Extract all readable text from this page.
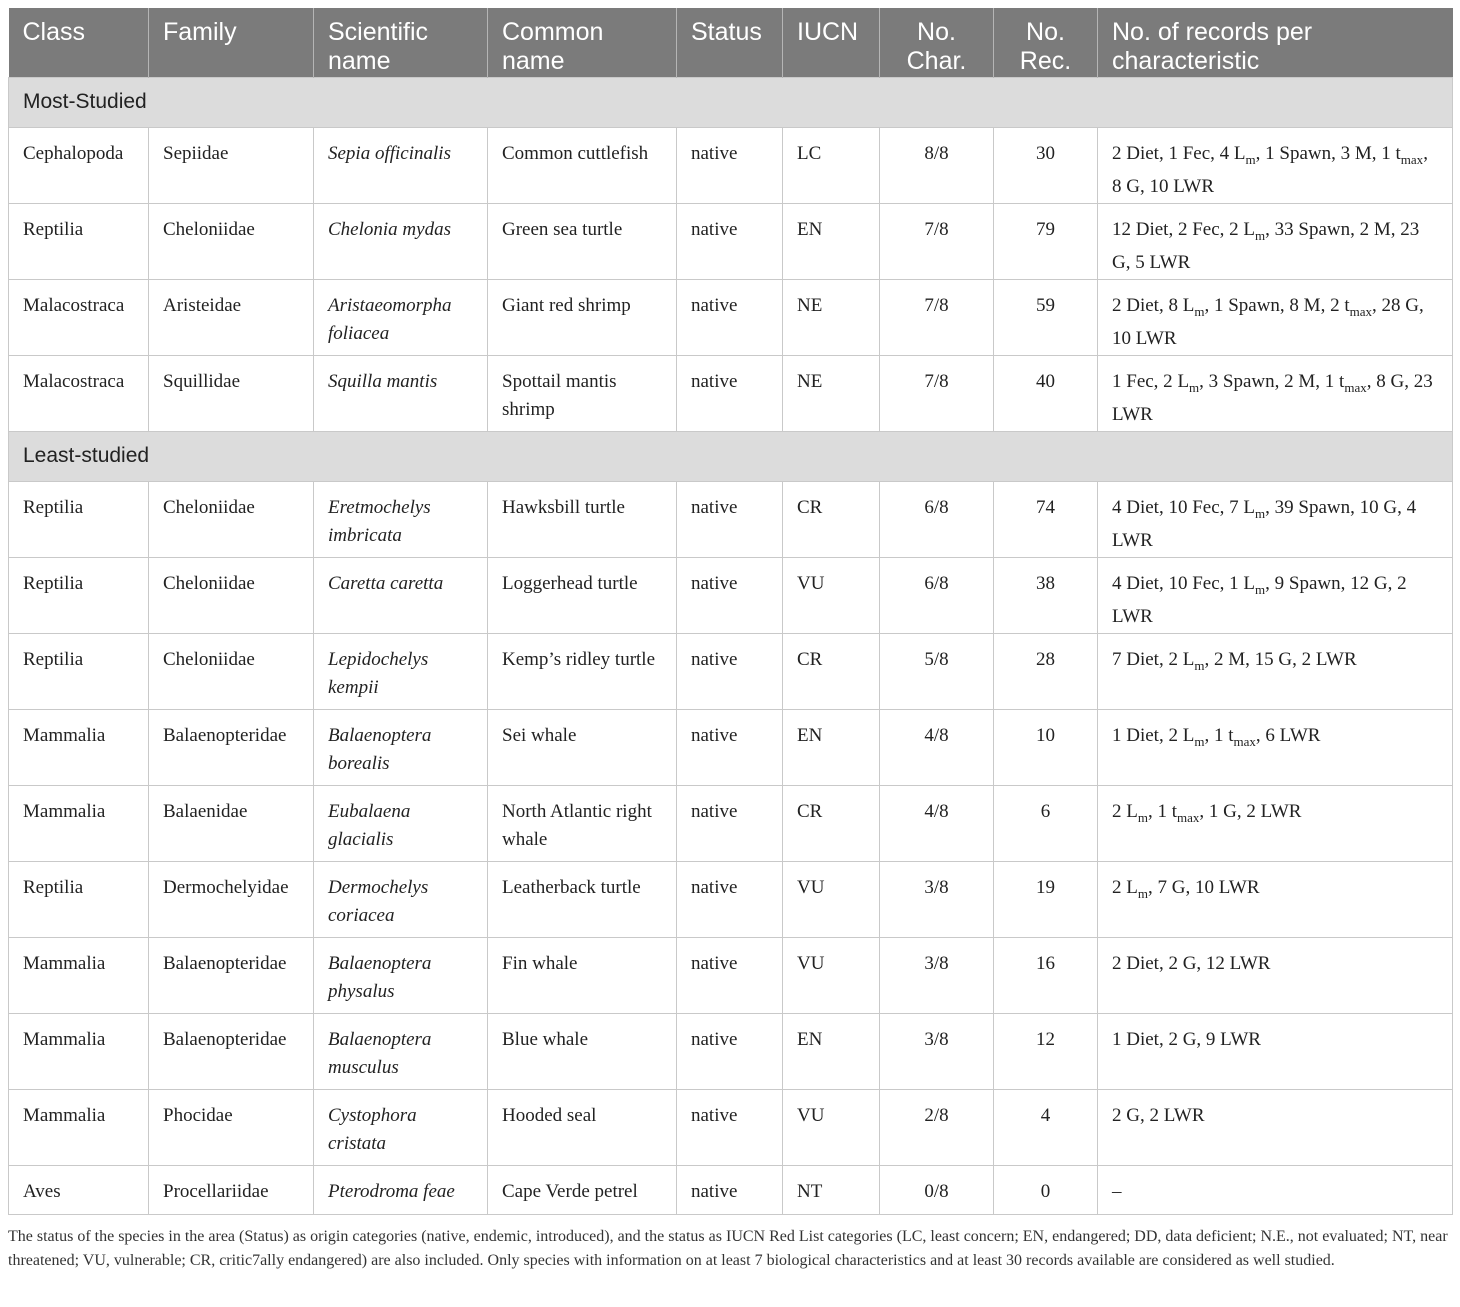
Class	Family	Scientific name	Common name	Status	IUCN	No. Char.	No. Rec.	No. of records per characteristic
Most-Studied								
Cephalopoda	Sepiidae	Sepia officinalis	Common cuttlefish	native	LC	8/8	30	2 Diet, 1 Fec, 4 $L_m$, 1 Spawn, 3 M, 1 $t_{max}$, 8 G, 10 LWR
Reptilia	Cheloniidae	Chelonia mydas	Green sea turtle	native	EN	7/8	79	12 Diet, 2 Fec, 2 $L_m$, 33 Spawn, 2 M, 23 G, 5 LWR
Malacostraca	Aristeidae	Aristaeomorpha foliacea	Giant red shrimp	native	NE	7/8	59	2 Diet, 8 $L_m$, 1 Spawn, 8 M, 2 $t_{max}$, 28 G, 10 LWR
Malacostraca	Squillidae	Squilla mantis	Spottail mantis shrimp	native	NE	7/8	40	1 Fec, 2 $L_m$, 3 Spawn, 2 M, 1 $t_{max}$, 8 G, 23 LWR
Least-studied								
Reptilia	Cheloniidae	Eretmochelys imbricata	Hawksbill turtle	native	CR	6/8	74	4 Diet, 10 Fec, 7 $L_m$, 39 Spawn, 10 G, 4 LWR
Reptilia	Cheloniidae	Caretta caretta	Loggerhead turtle	native	VU	6/8	38	4 Diet, 10 Fec, 1 $L_m$, 9 Spawn, 12 G, 2 LWR
Reptilia	Cheloniidae	Lepidochelys kempii	Kemp’s ridley turtle	native	CR	5/8	28	7 Diet, 2 $L_m$, 2 M, 15 G, 2 LWR
Mammalia	Balaenopteridae	Balaenoptera borealis	Sei whale	native	EN	4/8	10	1 Diet, 2 $L_m$, 1 $t_{max}$, 6 LWR
Mammalia	Balaenidae	Eubalaena glacialis	North Atlantic right whale	native	CR	4/8	6	2 $L_m$, 1 $t_{max}$, 1 G, 2 LWR
Reptilia	Dermochelyidae	Dermochelys coriacea	Leatherback turtle	native	VU	3/8	19	2 $L_m$, 7 G, 10 LWR
Mammalia	Balaenopteridae	Balaenoptera physalus	Fin whale	native	VU	3/8	16	2 Diet, 2 G, 12 LWR
Mammalia	Balaenopteridae	Balaenoptera musculus	Blue whale	native	EN	3/8	12	1 Diet, 2 G, 9 LWR
Mammalia	Phocidae	Cystophora cristata	Hooded seal	native	VU	2/8	4	2 G, 2 LWR
Aves	Procellariidae	Pterodroma feae	Cape Verde petrel	native	NT	0/8	0	–
The status of the species in the area (Status) as origin categories (native, endemic, introduced), and the status as IUCN Red List categories (LC, least concern; EN, endangered; DD, data deficient; N.E., not evaluated; NT, near threatened; VU, vulnerable; CR, critic7ally endangered) are also included. Only species with information on at least 7 biological characteristics and at least 30 records available are considered as well studied.
